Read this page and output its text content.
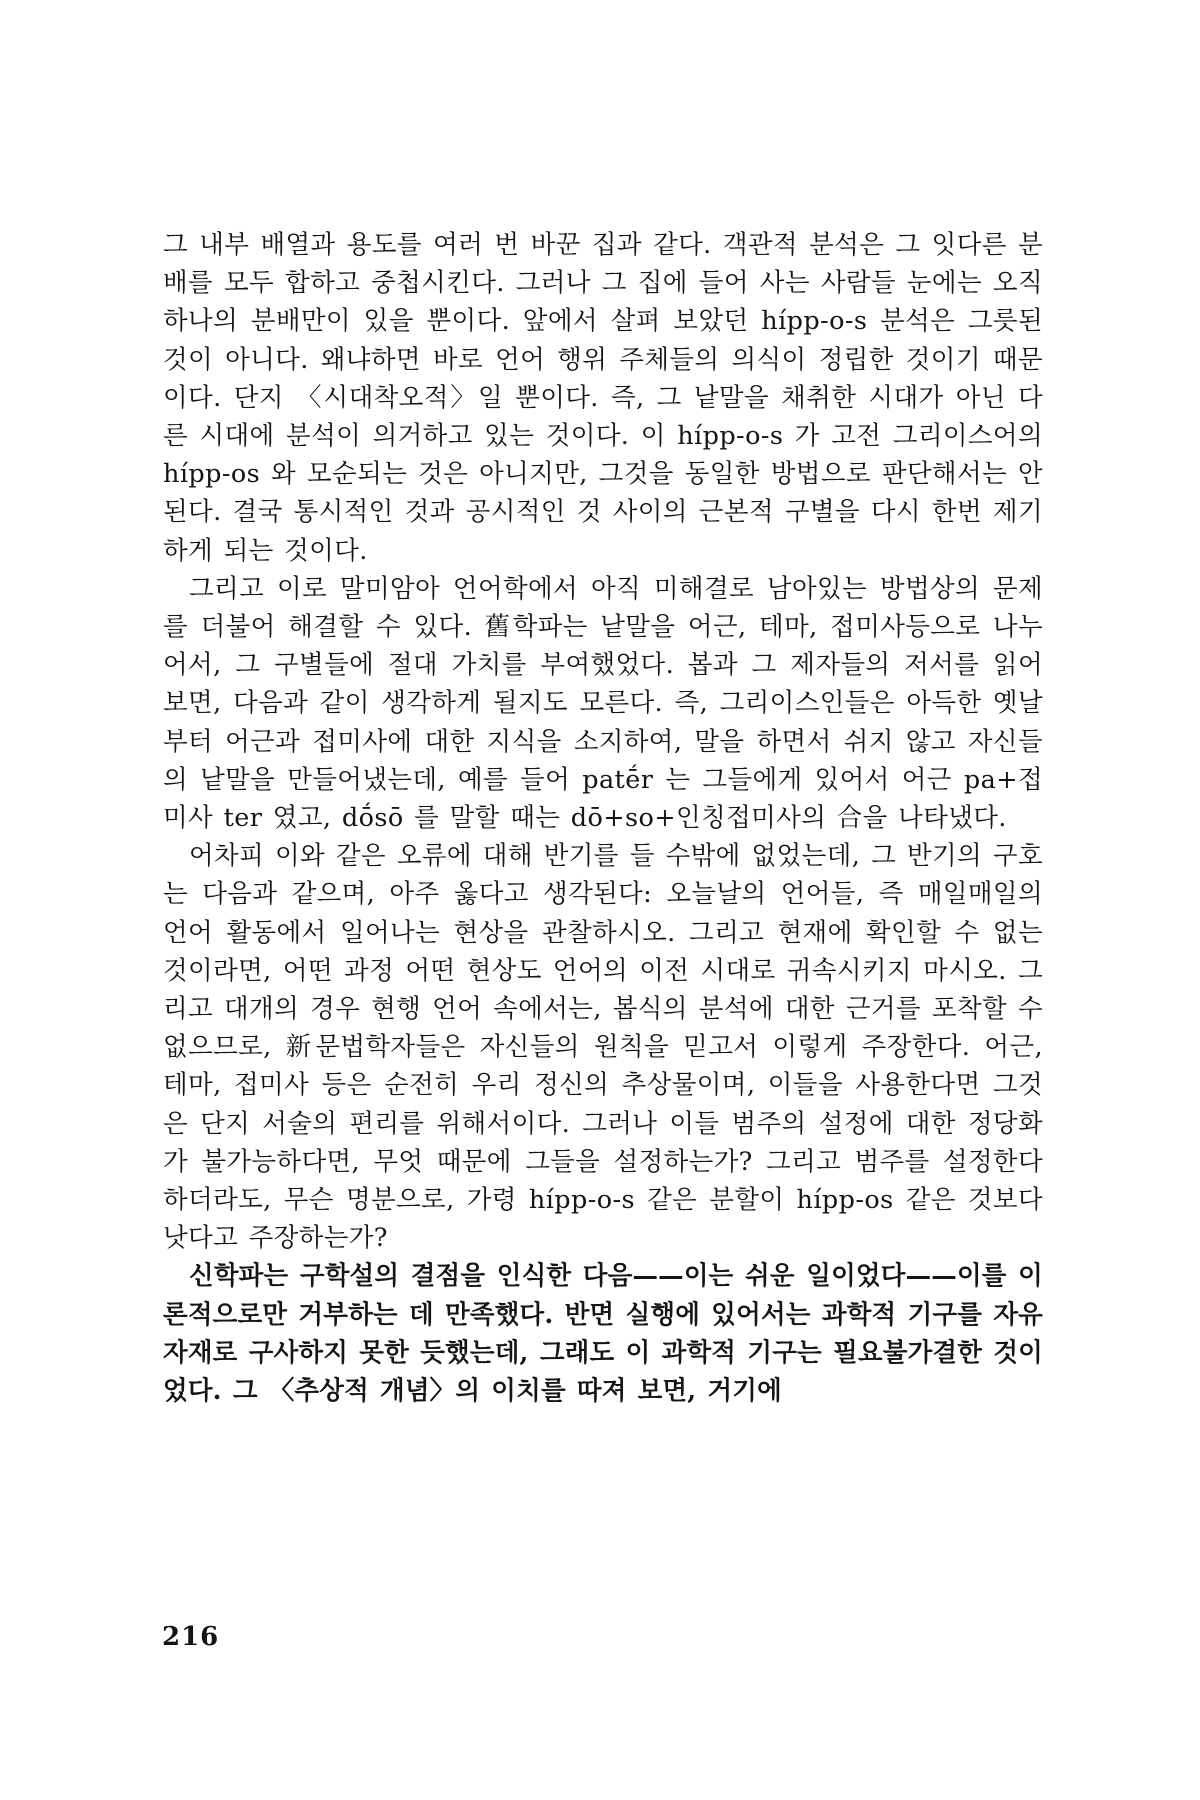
그 내부 배열과 용도를 여러 번 바꾼 집과 같다. 객관적 분석은 그 잇다른 분배를 모두 합하고 중첩시킨다. 그러나 그 집에 들어 사는 사람들 눈에는 오직 하나의 분배만이 있을 뿐이다. 앞에서 살펴 보았던 hípp-o-s 분석은 그릇된 것이 아니다. 왜냐하면 바로 언어 행위 주체들의 의식이 정립한 것이기 때문이다. 단지 〈시대착오적〉일 뿐이다. 즉, 그 낱말을 채취한 시대가 아닌 다른 시대에 분석이 의거하고 있는 것이다. 이 hípp-o-s 가 고전 그리이스어의 hípp-os 와 모순되는 것은 아니지만, 그것을 동일한 방법으로 판단해서는 안된다. 결국 통시적인 것과 공시적인 것 사이의 근본적 구별을 다시 한번 제기하게 되는 것이다.

그리고 이로 말미암아 언어학에서 아직 미해결로 남아있는 방법상의 문제를 더불어 해결할 수 있다. 舊학파는 낱말을 어근, 테마, 접미사등으로 나누어서, 그 구별들에 절대 가치를 부여했었다. 봅과 그 제자들의 저서를 읽어 보면, 다음과 같이 생각하게 될지도 모른다. 즉, 그리이스인들은 아득한 옛날부터 어근과 접미사에 대한 지식을 소지하여, 말을 하면서 쉬지 않고 자신들의 낱말을 만들어냈는데, 예를 들어 patḗr 는 그들에게 있어서 어근 pa+접미사 ter 였고, dṓsō 를 말할 때는 dō+so+인칭접미사의 合을 나타냈다.

어차피 이와 같은 오류에 대해 반기를 들 수밖에 없었는데, 그 반기의 구호는 다음과 같으며, 아주 옳다고 생각된다: 오늘날의 언어들, 즉 매일매일의 언어 활동에서 일어나는 현상을 관찰하시오. 그리고 현재에 확인할 수 없는 것이라면, 어떤 과정 어떤 현상도 언어의 이전 시대로 귀속시키지 마시오. 그리고 대개의 경우 현행 언어 속에서는, 봅식의 분석에 대한 근거를 포착할 수 없으므로, 新문법학자들은 자신들의 원칙을 믿고서 이렇게 주장한다. 어근, 테마, 접미사 등은 순전히 우리 정신의 추상물이며, 이들을 사용한다면 그것은 단지 서술의 편리를 위해서이다. 그러나 이들 범주의 설정에 대한 정당화가 불가능하다면, 무엇 때문에 그들을 설정하는가? 그리고 범주를 설정한다 하더라도, 무슨 명분으로, 가령 hípp-o-s 같은 분할이 hípp-os 같은 것보다 낫다고 주장하는가?

신학파는 구학설의 결점을 인식한 다음——이는 쉬운 일이었다——이를 이론적으로만 거부하는 데 만족했다. 반면 실행에 있어서는 과학적 기구를 자유자재로 구사하지 못한 듯했는데, 그래도 이 과학적 기구는 필요불가결한 것이었다. 그 〈추상적 개념〉의 이치를 따져 보면, 거기에

216
